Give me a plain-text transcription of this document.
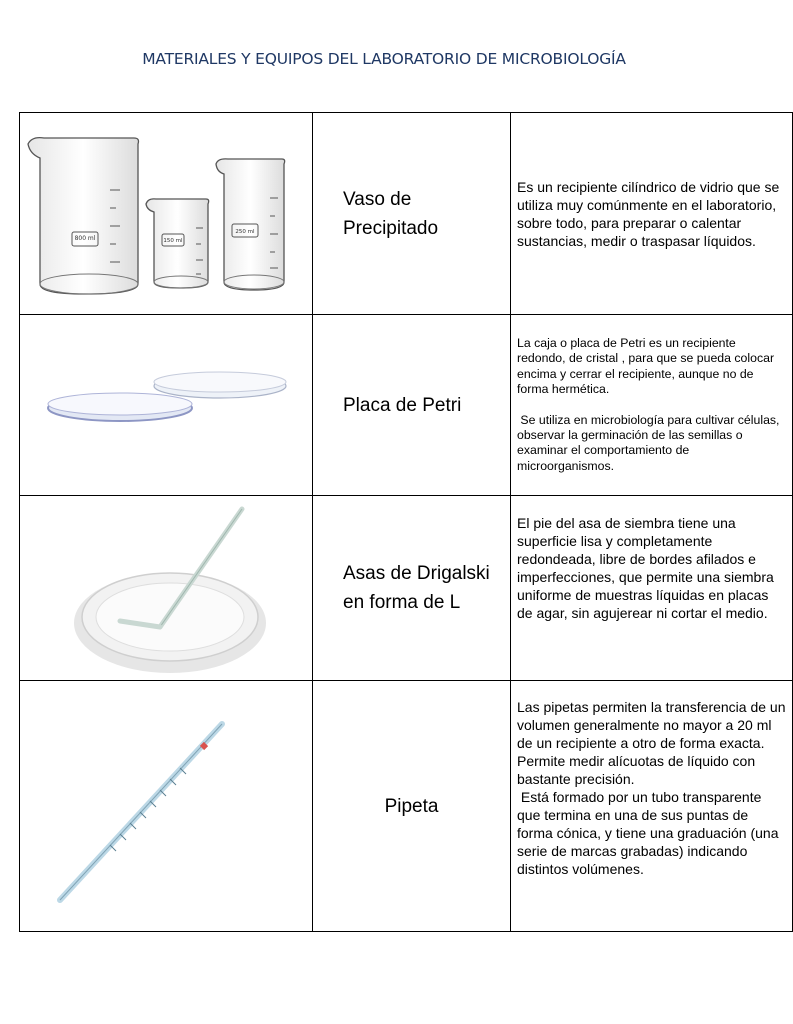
MATERIALES Y EQUIPOS DEL LABORATORIO DE MICROBIOLOGÍA
800 ml 150 ml
250 ml	Vaso de Precipitado	Es un recipiente cilíndrico de vidrio que se utiliza muy comúnmente en el laboratorio, sobre todo, para preparar o calentar sustancias, medir o traspasar líquidos.

	Placa de Petri	La caja o placa de Petri es un recipiente redondo, de cristal , para que se pueda colocar encima y cerrar el recipiente, aunque no de forma hermética.

Se utiliza en microbiología para cultivar células, observar la germinación de las semillas o examinar el comportamiento de microorganismos.

	Asas de Drigalski en forma de L	El pie del asa de siembra tiene una superficie lisa y completamente redondeada, libre de bordes afilados e imperfecciones, que permite una siembra uniforme de muestras líquidas en placas de agar, sin agujerear ni cortar el medio.

	Pipeta	Las pipetas permiten la transferencia de un volumen generalmente no mayor a 20 ml de un recipiente a otro de forma exacta.

Permite medir alícuotas de líquido con bastante precisión.

Está formado por un tubo transparente que termina en una de sus puntas de forma cónica, y tiene una graduación (una serie de marcas grabadas) indicando distintos volúmenes.
